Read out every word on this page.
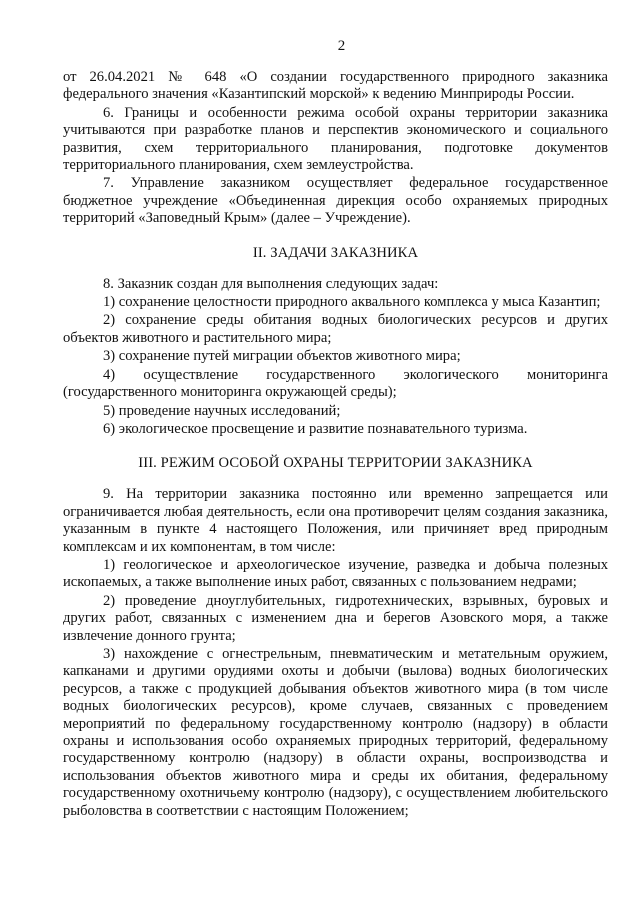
2

от 26.04.2021 № 648 «О создании государственного природного заказника федерального значения «Казантипский морской» к ведению Минприроды России.

6. Границы и особенности режима особой охраны территории заказника учитываются при разработке планов и перспектив экономического и социального развития, схем территориального планирования, подготовке документов территориального планирования, схем землеустройства.

7. Управление заказником осуществляет федеральное государственное бюджетное учреждение «Объединенная дирекция особо охраняемых природных территорий «Заповедный Крым» (далее – Учреждение).

II. ЗАДАЧИ ЗАКАЗНИКА

8. Заказник создан для выполнения следующих задач:

1) сохранение целостности природного аквального комплекса у мыса Казантип;

2) сохранение среды обитания водных биологических ресурсов и других объектов животного и растительного мира;

3) сохранение путей миграции объектов животного мира;

4) осуществление государственного экологического мониторинга (государственного мониторинга окружающей среды);

5) проведение научных исследований;

6) экологическое просвещение и развитие познавательного туризма.

III. РЕЖИМ ОСОБОЙ ОХРАНЫ ТЕРРИТОРИИ ЗАКАЗНИКА

9. На территории заказника постоянно или временно запрещается или ограничивается любая деятельность, если она противоречит целям создания заказника, указанным в пункте 4 настоящего Положения, или причиняет вред природным комплексам и их компонентам, в том числе:

1) геологическое и археологическое изучение, разведка и добыча полезных ископаемых, а также выполнение иных работ, связанных с пользованием недрами;

2) проведение дноуглубительных, гидротехнических, взрывных, буровых и других работ, связанных с изменением дна и берегов Азовского моря, а также извлечение донного грунта;

3) нахождение с огнестрельным, пневматическим и метательным оружием, капканами и другими орудиями охоты и добычи (вылова) водных биологических ресурсов, а также с продукцией добывания объектов животного мира (в том числе водных биологических ресурсов), кроме случаев, связанных с проведением мероприятий по федеральному государственному контролю (надзору) в области охраны и использования особо охраняемых природных территорий, федеральному государственному контролю (надзору) в области охраны, воспроизводства и использования объектов животного мира и среды их обитания, федеральному государственному охотничьему контролю (надзору), с осуществлением любительского рыболовства в соответствии с настоящим Положением;
